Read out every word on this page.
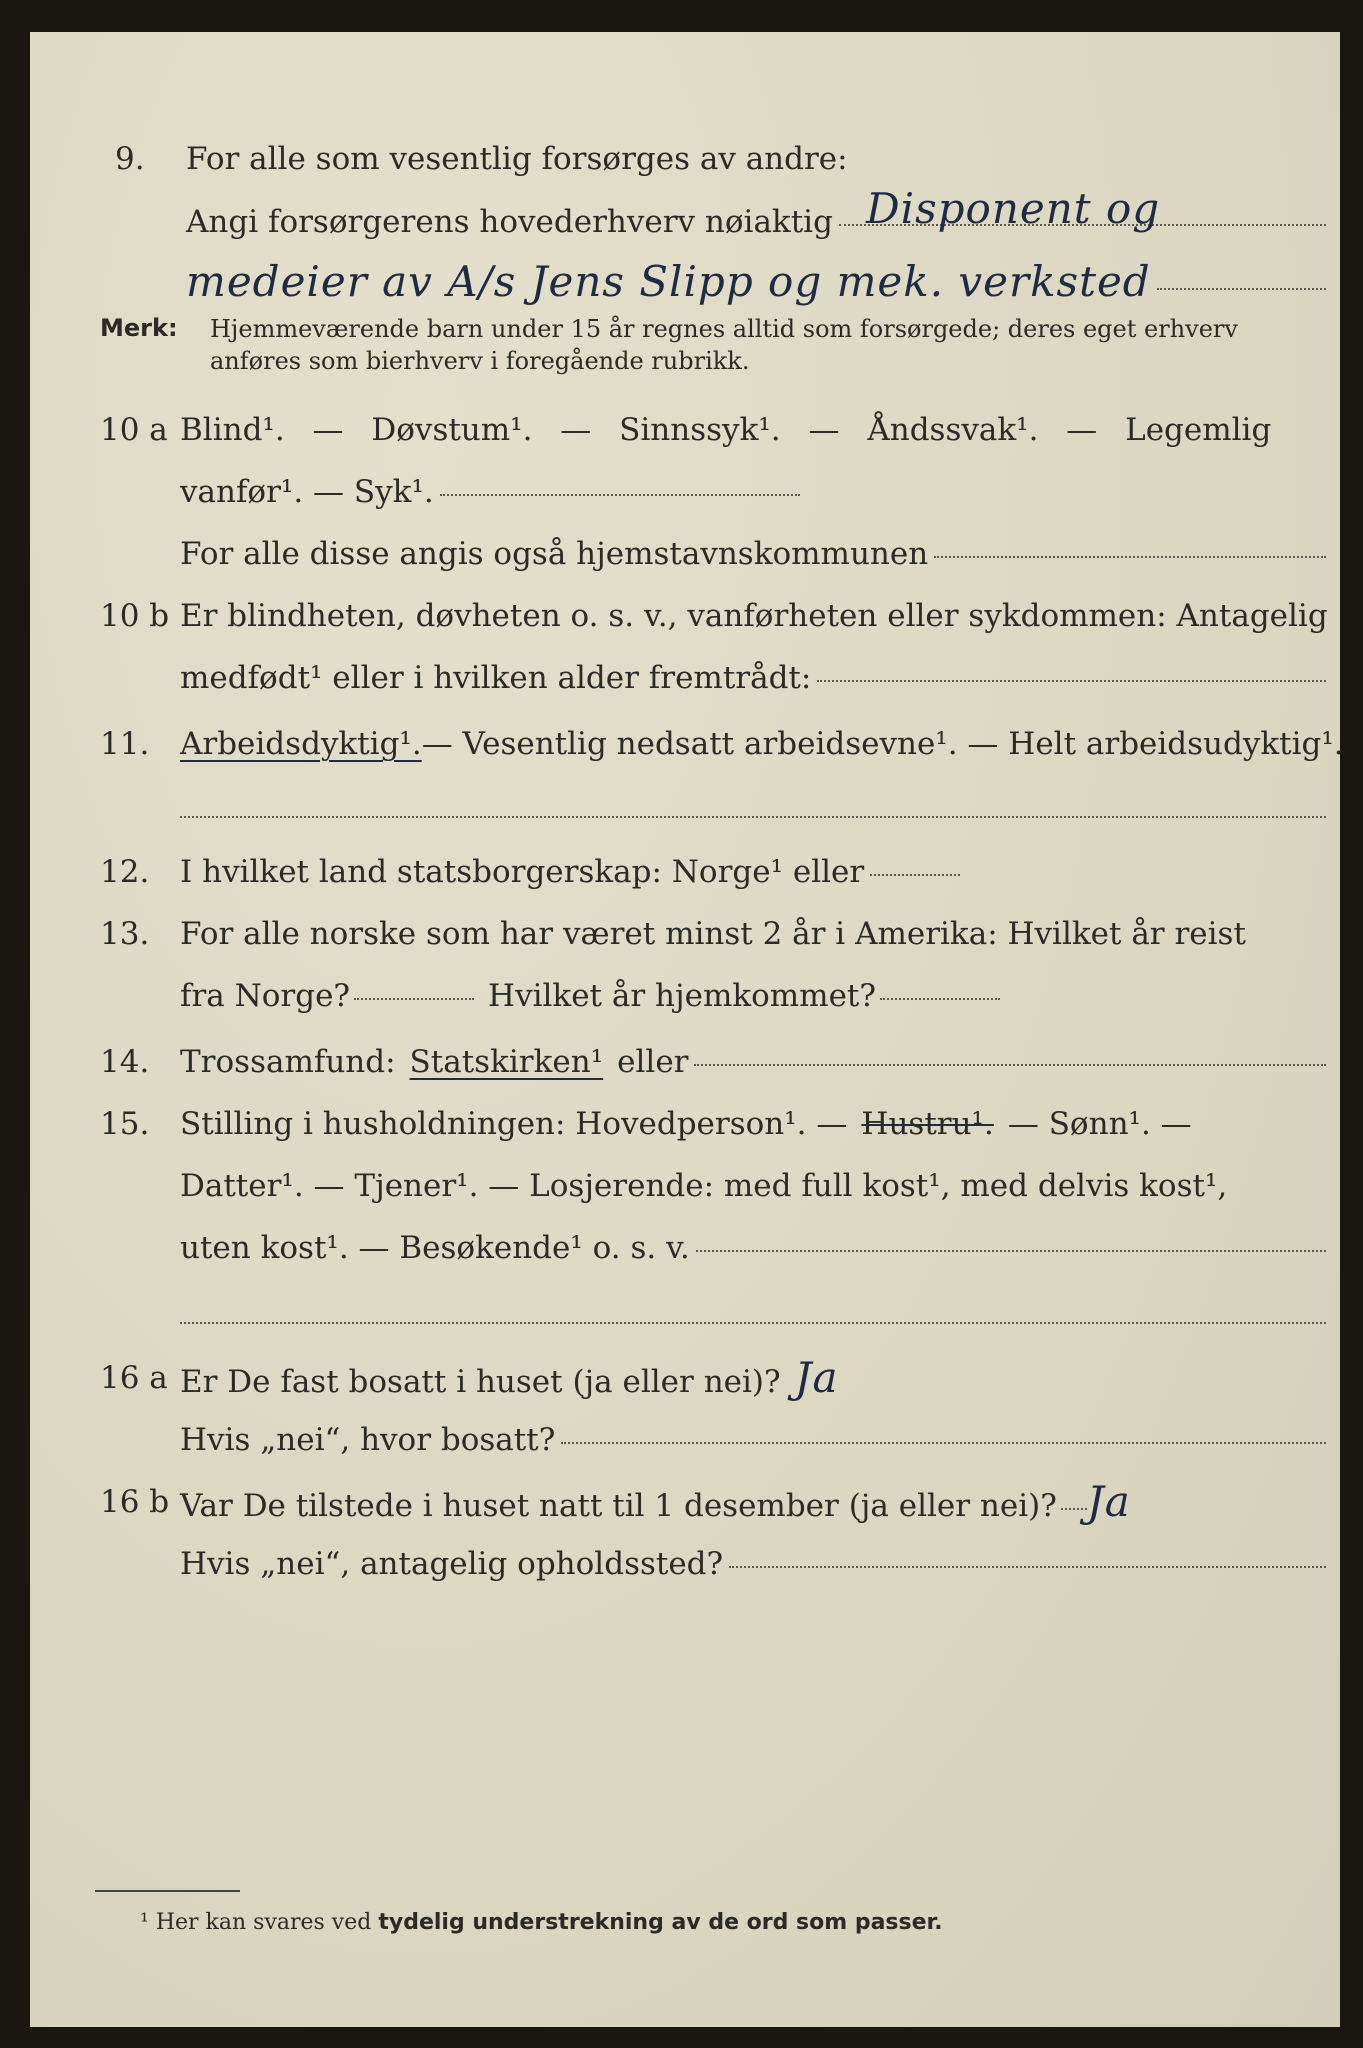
9. For alle som vesentlig forsørges av andre:
Angi forsørgerens hovederhverv nøiaktig Disponent og
medeier av A/s Jens Slipp og mek. verksted
Merk: Hjemmeværende barn under 15 år regnes alltid som forsørgede; deres eget erhverv
anføres som bierhverv i foregående rubrikk.
10 a Blind¹. — Døvstum¹. — Sinnssyk¹. — Åndssvak¹. — Legemlig
vanfør¹. — Syk¹.
For alle disse angis også hjemstavnskommunen
10 b Er blindheten, døvheten o. s. v., vanførheten eller sykdommen: Antagelig
medfødt¹ eller i hvilken alder fremtrådt:
11. Arbeidsdyktig¹. — Vesentlig nedsatt arbeidsevne¹. — Helt arbeidsudyktig¹.
12. I hvilket land statsborgerskap: Norge¹ eller
13. For alle norske som har været minst 2 år i Amerika: Hvilket år reist
fra Norge?	Hvilket år hjemkommet?
14. Trossamfund: Statskirken¹ eller
15. Stilling i husholdningen: Hovedperson¹. — Hustru¹. — Sønn¹. —
Datter¹. — Tjener¹. — Losjerende: med full kost¹, med delvis kost¹,
uten kost¹. — Besøkende¹ o. s. v.
16 a Er De fast bosatt i huset (ja eller nei)? Ja
Hvis „nei“, hvor bosatt?
16 b Var De tilstede i huset natt til 1 desember (ja eller nei)? Ja
Hvis „nei“, antagelig opholdssted?
¹ Her kan svares ved tydelig understrekning av de ord som passer.
